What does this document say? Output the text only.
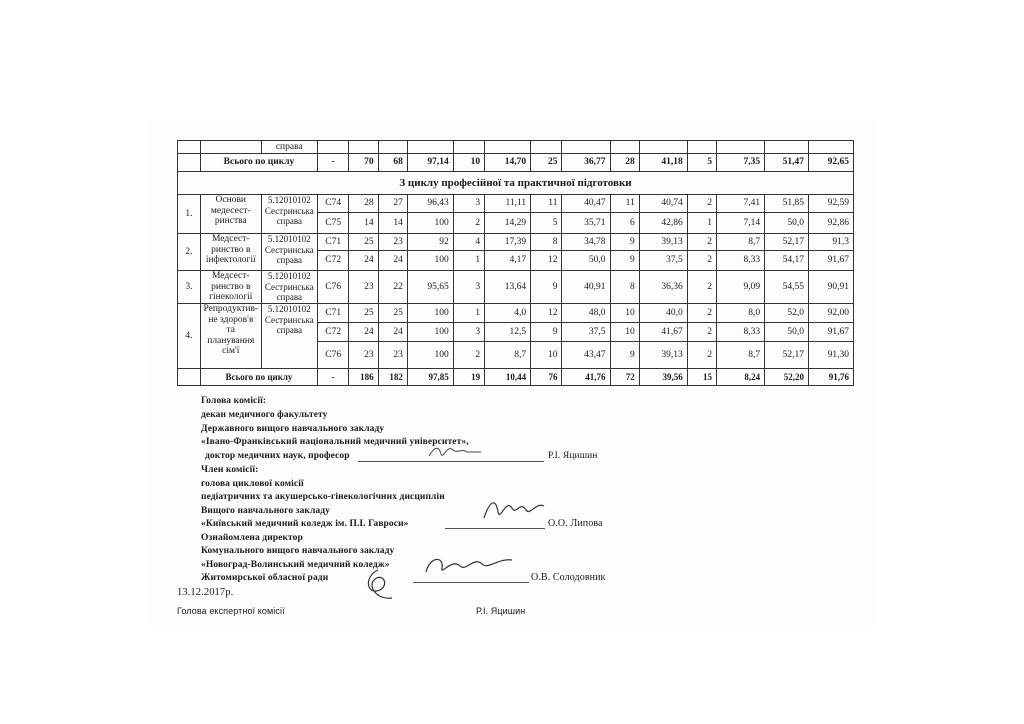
		справа														
	Всього по циклу		-	70	68	97,14	10	14,70	25	36,77	28	41,18	5	7,35	51,47	92,65
З циклу професійної та практичної підготовки																
1.	Основи медесест-ринства	5.12010102 Сестринська справа	С74	28	27	96,43	3	11,11	11	40,47	11	40,74	2	7,41	51,85	92,59
			С75	14	14	100	2	14,29	5	35,71	6	42,86	1	7,14	50,0	92,86
2.	Медсест-ринство в інфектології	5.12010102 Сестринська справа	С71	25	23	92	4	17,39	8	34,78	9	39,13	2	8,7	52,17	91,3
			С72	24	24	100	1	4,17	12	50,0	9	37,5	2	8,33	54,17	91,67
3.	Медсест-ринство в гінекології	5.12010102 Сестринська справа	С76	23	22	95,65	3	13,64	9	40,91	8	36,36	2	9,09	54,55	90,91
4.	Репродуктив-не здоров'я та планування сім'ї	5.12010102 Сестринська справа	С71	25	25	100	1	4,0	12	48,0	10	40,0	2	8,0	52,0	92,00
			С72	24	24	100	3	12,5	9	37,5	10	41,67	2	8,33	50,0	91,67
			С76	23	23	100	2	8,7	10	43,47	9	39,13	2	8,7	52,17	91,30
	Всього по циклу		-	186	182	97,85	19	10,44	76	41,76	72	39,56	15	8,24	52,20	91,76
Голова комісії:
декан медичного факультету
Державного вищого навчального закладу
«Івано-Франківський національний медичний університет»,
доктор медичних наук, професор	Р.І. Яцишин
Член комісії:
голова циклової комісії
педіатричних та акушерсько-гінекологічних дисциплін
Вищого навчального закладу
«Київський медичний коледж ім. П.І. Гавроси»	О.О. Липова
Ознайомлена директор
Комунального вищого навчального закладу
«Новоград-Волинський медичний коледж»
Житомирської обласної ради	О.В. Солодовник
13.12.2017р.
Голова експертної комісії	Р.І. Яцишин
